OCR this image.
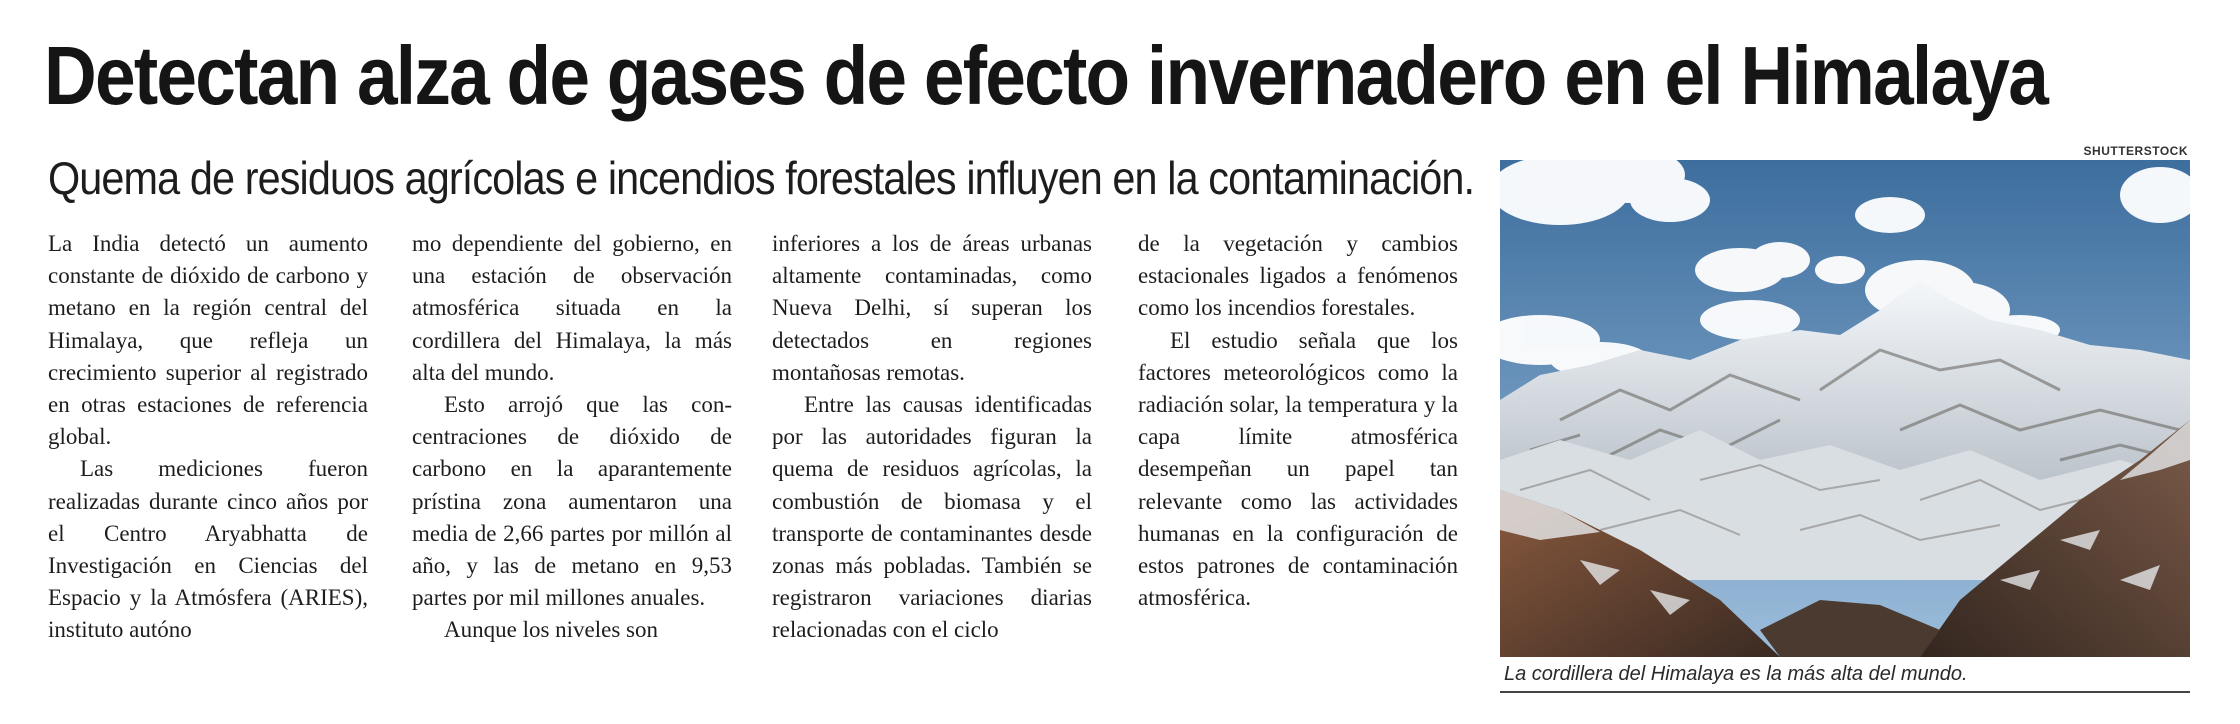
Detectan alza de gases de efecto invernadero en el Himalaya
Quema de residuos agrícolas e incendios forestales influyen en la contaminación.

La India detectó un aumento constante de dióxido de carbono y metano en la región central del Himalaya, que refleja un crecimiento superior al registrado en otras estaciones de referencia global.

Las mediciones fueron realizadas durante cinco años por el Centro Aryabhatta de Investigación en Ciencias del Espacio y la Atmósfera (ARIES), instituto autóno

mo dependiente del gobierno, en una estación de observación atmosférica situada en la cordillera del Himalaya, la más alta del mundo.

Esto arrojó que las concentraciones de dióxido de carbono en la aparantemente prístina zona aumentaron una media de 2,66 partes por millón al año, y las de metano en 9,53 partes por mil millones anuales.

Aunque los niveles son

inferiores a los de áreas urbanas altamente contaminadas, como Nueva Delhi, sí superan los detectados en regiones montañosas remotas.

Entre las causas identificadas por las autoridades figuran la quema de residuos agrícolas, la combustión de biomasa y el transporte de contaminantes desde zonas más pobladas. También se registraron variaciones diarias relacionadas con el ciclo

de la vegetación y cambios estacionales ligados a fenómenos como los incendios forestales.

El estudio señala que los factores meteorológicos como la radiación solar, la temperatura y la capa límite atmosférica desempeñan un papel tan relevante como las actividades humanas en la configuración de estos patrones de contaminación atmosférica.

SHUTTERSTOCK
La cordillera del Himalaya es la más alta del mundo.
